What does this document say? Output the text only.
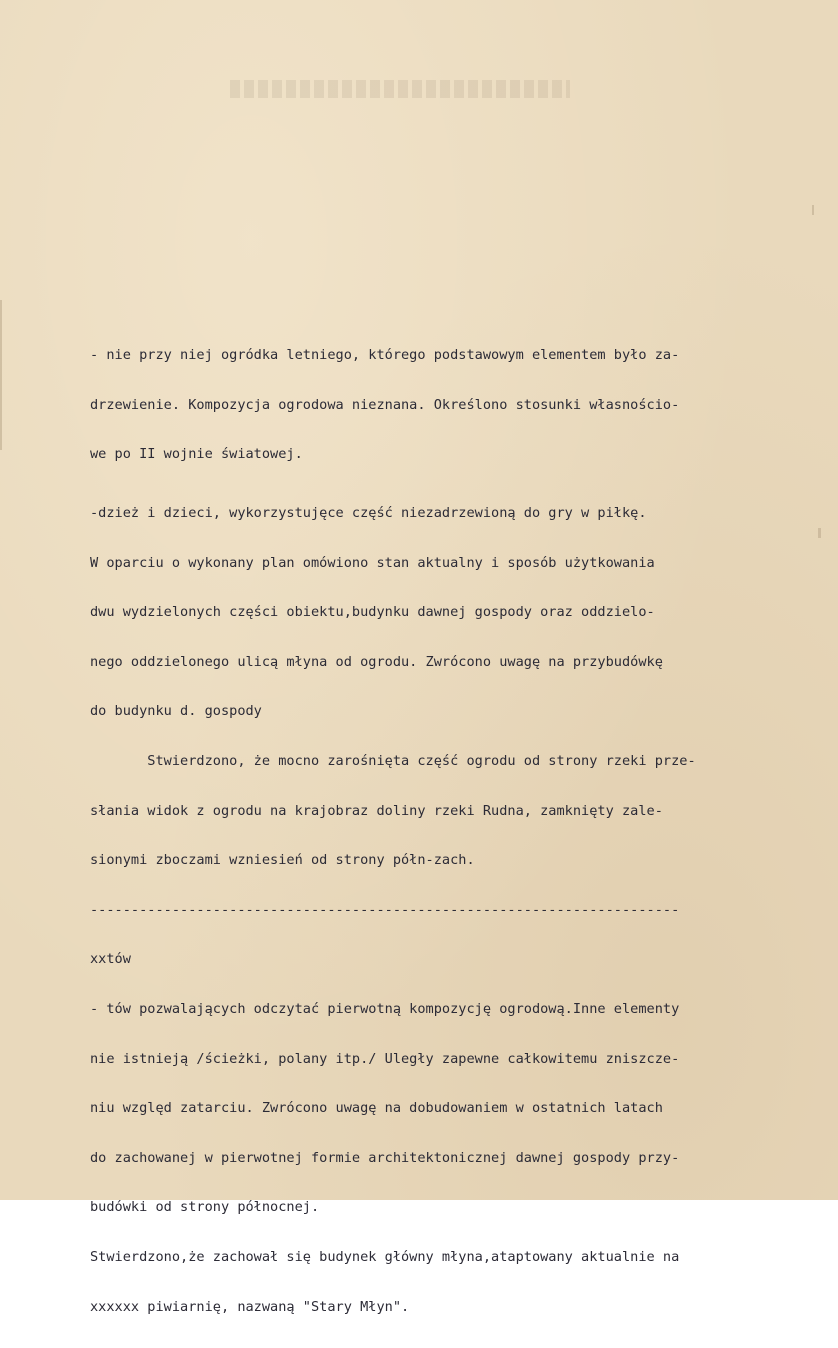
- nie przy niej ogródka letniego, którego podstawowym elementem było za-

drzewienie. Kompozycja ogrodowa nieznana. Określono stosunki własnościo-

we po II wojnie światowej.

-dzież i dzieci, wykorzystujęce część niezadrzewioną do gry w piłkę.

W oparciu o wykonany plan omówiono stan aktualny i sposób użytkowania

dwu wydzielonych części obiektu,budynku dawnej gospody oraz oddzielo-

nego oddzielonego ulicą młyna od ogrodu. Zwrócono uwagę na przybudówkę

do budynku d. gospody

Stwierdzono, że mocno zarośnięta część ogrodu od strony rzeki prze-

słania widok z ogrodu na krajobraz doliny rzeki Rudna, zamknięty zale-

sionymi zboczami wzniesień od strony półn-zach.

------------------------------------------------------------------------

xxtów

- tów pozwalających odczytać pierwotną kompozycję ogrodową.Inne elementy

nie istnieją /ścieżki, polany itp./ Uległy zapewne całkowitemu zniszcze-

niu względ zatarciu. Zwrócono uwagę na dobudowaniem w ostatnich latach

do zachowanej w pierwotnej formie architektonicznej dawnej gospody przy-

budówki od strony północnej.

Stwierdzono,że zachował się budynek główny młyna,ataptowany aktualnie na

xxxxxx piwiarnię, nazwaną "Stary Młyn".
